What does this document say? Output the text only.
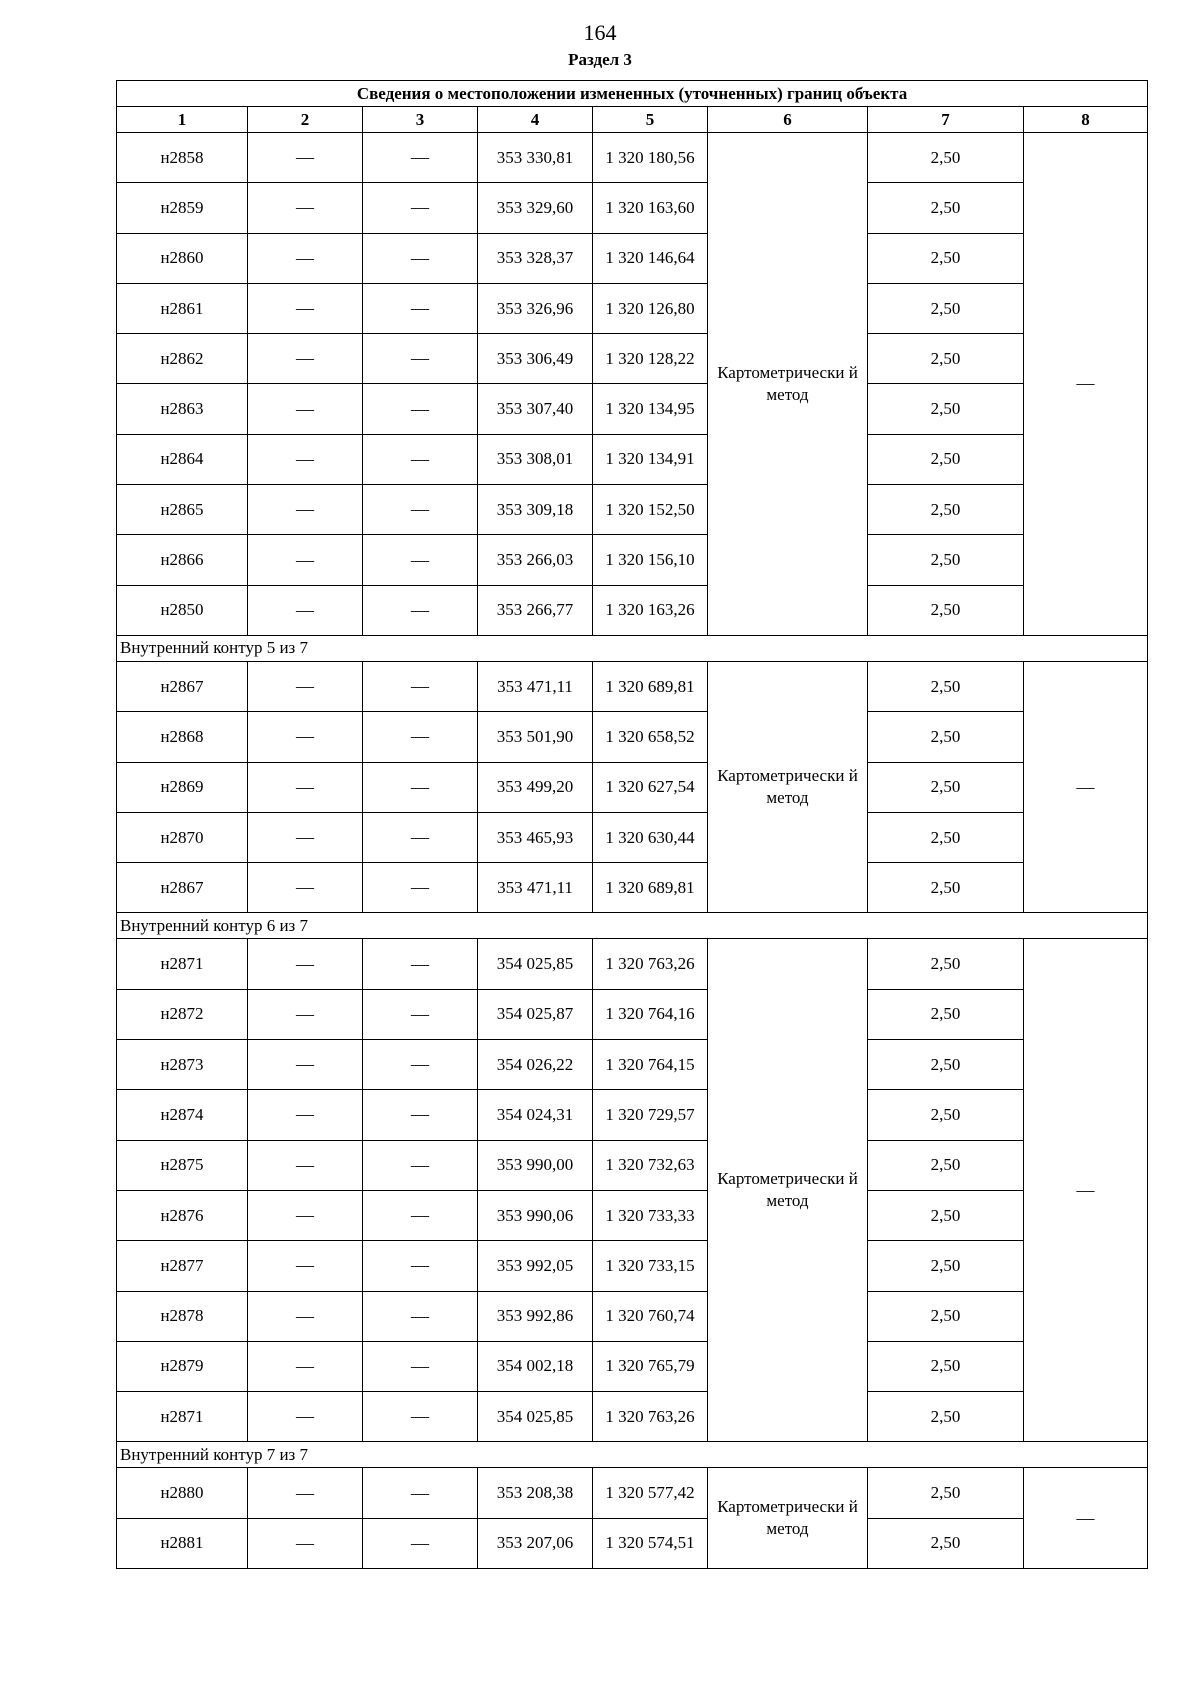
164
Раздел 3
Сведения о местоположении измененных (уточненных) границ объекта							
1	2	3	4	5	6	7	8
н2858	—	—	353 330,81	1 320 180,56	Картометрически й метод	2,50	—
н2859	—	—	353 329,60	1 320 163,60		2,50	
н2860	—	—	353 328,37	1 320 146,64		2,50	
н2861	—	—	353 326,96	1 320 126,80		2,50	
н2862	—	—	353 306,49	1 320 128,22		2,50	
н2863	—	—	353 307,40	1 320 134,95		2,50	
н2864	—	—	353 308,01	1 320 134,91		2,50	
н2865	—	—	353 309,18	1 320 152,50		2,50	
н2866	—	—	353 266,03	1 320 156,10		2,50	
н2850	—	—	353 266,77	1 320 163,26		2,50	
Внутренний контур 5 из 7							
н2867	—	—	353 471,11	1 320 689,81	Картометрически й метод	2,50	—
н2868	—	—	353 501,90	1 320 658,52		2,50	
н2869	—	—	353 499,20	1 320 627,54		2,50	
н2870	—	—	353 465,93	1 320 630,44		2,50	
н2867	—	—	353 471,11	1 320 689,81		2,50	
Внутренний контур 6 из 7							
н2871	—	—	354 025,85	1 320 763,26	Картометрически й метод	2,50	—
н2872	—	—	354 025,87	1 320 764,16		2,50	
н2873	—	—	354 026,22	1 320 764,15		2,50	
н2874	—	—	354 024,31	1 320 729,57		2,50	
н2875	—	—	353 990,00	1 320 732,63		2,50	
н2876	—	—	353 990,06	1 320 733,33		2,50	
н2877	—	—	353 992,05	1 320 733,15		2,50	
н2878	—	—	353 992,86	1 320 760,74		2,50	
н2879	—	—	354 002,18	1 320 765,79		2,50	
н2871	—	—	354 025,85	1 320 763,26		2,50	
Внутренний контур 7 из 7							
н2880	—	—	353 208,38	1 320 577,42	Картометрически й метод	2,50	—
н2881	—	—	353 207,06	1 320 574,51		2,50	
